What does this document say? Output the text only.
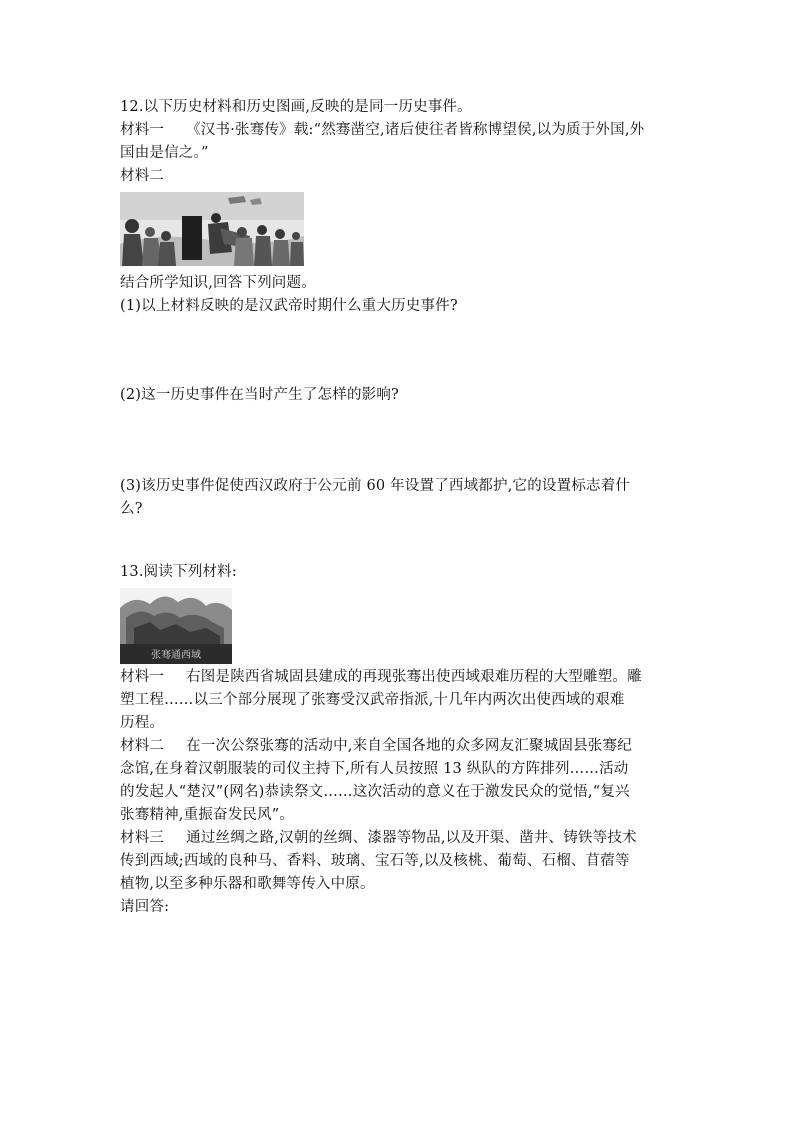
12.以下历史材料和历史图画,反映的是同一历史事件。

材料一 《汉书·张骞传》载:“然骞凿空,诸后使往者皆称博望侯,以为质于外国,外

国由是信之。”

材料二

结合所学知识,回答下列问题。

(1)以上材料反映的是汉武帝时期什么重大历史事件?

(2)这一历史事件在当时产生了怎样的影响?

(3)该历史事件促使西汉政府于公元前 60 年设置了西域都护,它的设置标志着什

么?

13.阅读下列材料:

张骞通西域

材料一 右图是陕西省城固县建成的再现张骞出使西域艰难历程的大型雕塑。雕

塑工程……以三个部分展现了张骞受汉武帝指派,十几年内两次出使西域的艰难

历程。

材料二 在一次公祭张骞的活动中,来自全国各地的众多网友汇聚城固县张骞纪

念馆,在身着汉朝服装的司仪主持下,所有人员按照 13 纵队的方阵排列……活动

的发起人“楚汉”(网名)恭读祭文……这次活动的意义在于激发民众的觉悟,“复兴

张骞精神,重振奋发民风”。

材料三 通过丝绸之路,汉朝的丝绸、漆器等物品,以及开渠、凿井、铸铁等技术

传到西域;西域的良种马、香料、玻璃、宝石等,以及核桃、葡萄、石榴、苜蓿等

植物,以至多种乐器和歌舞等传入中原。

请回答:
